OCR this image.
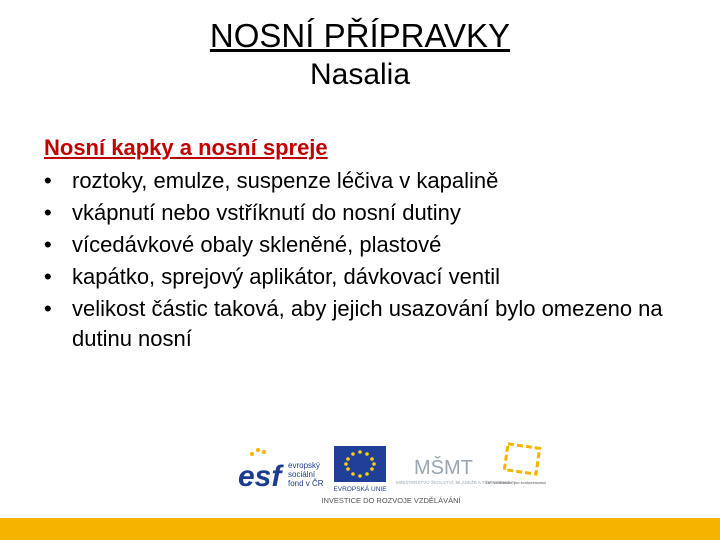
NOSNÍ PŘÍPRAVKY
Nasalia
Nosní kapky a nosní spreje
• roztoky, emulze, suspenze léčiva v kapalině
• vkápnutí nebo vstříknutí do nosní dutiny
• vícedávkové obaly skleněné, plastové
• kapátko, sprejový aplikátor, dávkovací ventil
• velikost částic taková, aby jejich usazování bylo omezeno na dutinu nosní
esf evropský
sociální
fond v ČR
EVROPSKÁ UNIE
MŠMT
MINISTERSTVO ŠKOLSTVÍ, MLÁDEŽE A TĚLOVÝCHOVY
OP Vzdělávání pro konkurencesc
INVESTICE DO ROZVOJE VZDĚLÁVÁNÍ
